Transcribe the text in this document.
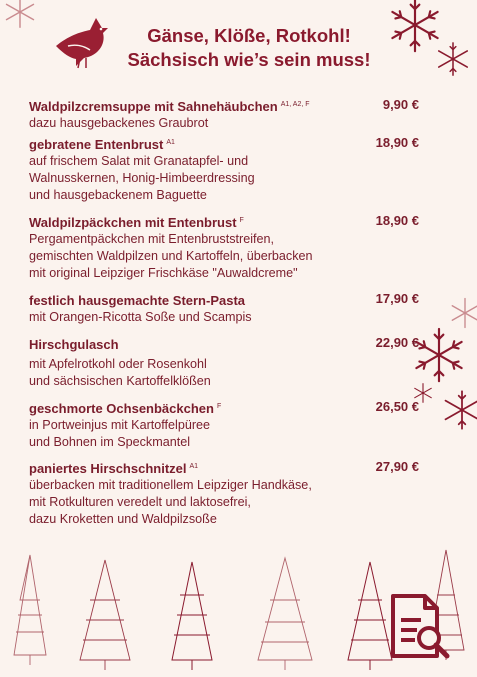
Gänse, Klöße, Rotkohl!
Sächsisch wie’s sein muss!
Waldpilzcremsuppe mit Sahnehäubchen $^{A1, A2, F}$	9,90 €
dazu hausgebackenes Graubrot
gebratene Entenbrust $^{A1}$	18,90 €
auf frischem Salat mit Granatapfel- und
Walnusskernen, Honig-Himbeerdressing
und hausgebackenem Baguette
Waldpilzpäckchen mit Entenbrust $^F$	18,90 €
Pergamentpäckchen mit Entenbruststreifen,
gemischten Waldpilzen und Kartoffeln, überbacken
mit original Leipziger Frischkäse "Auwaldcreme"
festlich hausgemachte Stern-Pasta	17,90 €
mit Orangen-Ricotta Soße und Scampis
Hirschgulasch	22,90 €
mit Apfelrotkohl oder Rosenkohl
und sächsischen Kartoffelklößen
geschmorte Ochsenbäckchen $^F$	26,50 €
in Portweinjus mit Kartoffelpüree
und Bohnen im Speckmantel
paniertes Hirschschnitzel $^{A1}$	27,90 €
überbacken mit traditionellem Leipziger Handkäse,
mit Rotkulturen veredelt und laktosefrei,
dazu Kroketten und Waldpilzsoße
